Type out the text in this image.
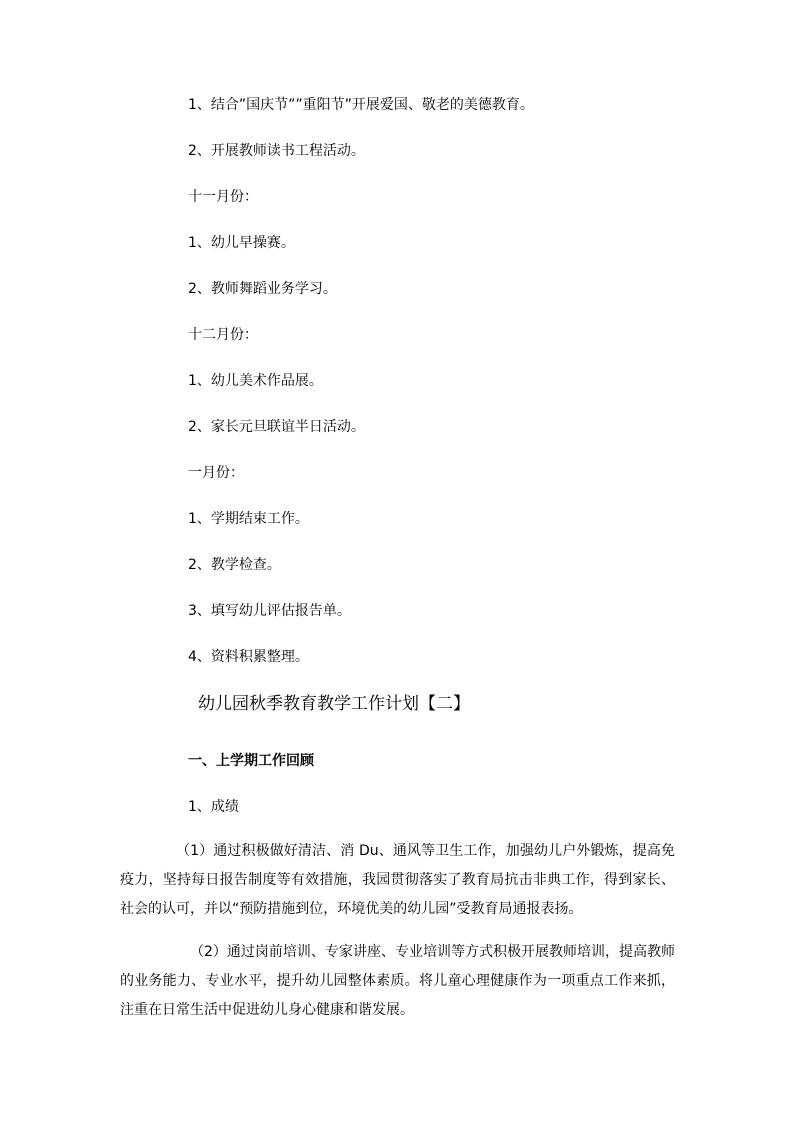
1、结合”国庆节””重阳节”开展爱国、敬老的美德教育。
2、开展教师读书工程活动。
十一月份：
1、幼儿早操赛。
2、教师舞蹈业务学习。
十二月份：
1、幼儿美术作品展。
2、家长元旦联谊半日活动。
一月份：
1、学期结束工作。
2、教学检查。
3、填写幼儿评估报告单。
4、资料积累整理。
幼儿园秋季教育教学工作计划【二】
一、上学期工作回顾
1、成绩
（1）通过积极做好清洁、消 Du、通风等卫生工作，加强幼儿户外锻炼，提高免疫力，坚持每日报告制度等有效措施，我园贯彻落实了教育局抗击非典工作，得到家长、社会的认可，并以“预防措施到位，环境优美的幼儿园”受教育局通报表扬。
（2）通过岗前培训、专家讲座、专业培训等方式积极开展教师培训，提高教师的业务能力、专业水平，提升幼儿园整体素质。将儿童心理健康作为一项重点工作来抓，注重在日常生活中促进幼儿身心健康和谐发展。
